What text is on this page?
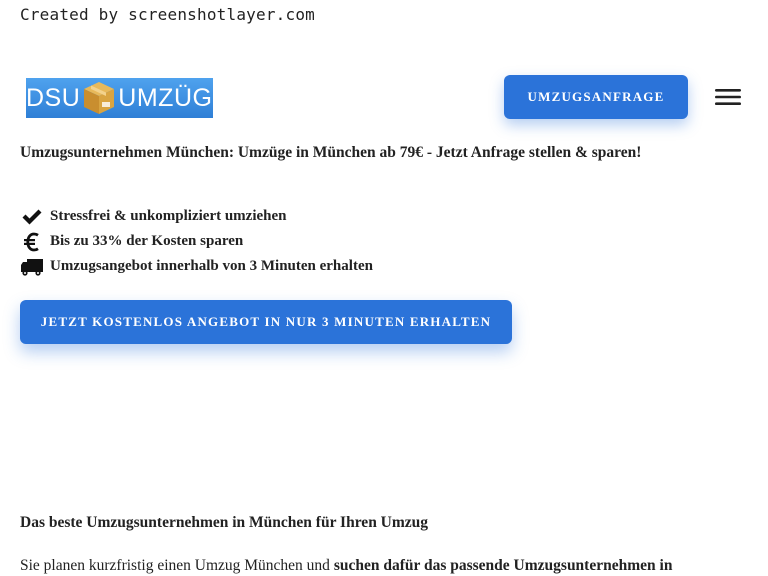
Created by screenshotlayer.com
DSU UMZÜGE	UMZUGSANFRAGE
Umzugsunternehmen München: Umzüge in München ab 79€ - Jetzt Anfrage stellen & sparen!
Stressfrei & unkompliziert umziehen
Bis zu 33% der Kosten sparen
Umzugsangebot innerhalb von 3 Minuten erhalten
JETZT KOSTENLOS ANGEBOT IN NUR 3 MINUTEN ERHALTEN
Das beste Umzugsunternehmen in München für Ihren Umzug

Sie planen kurzfristig einen Umzug München und suchen dafür das passende Umzugsunternehmen in
